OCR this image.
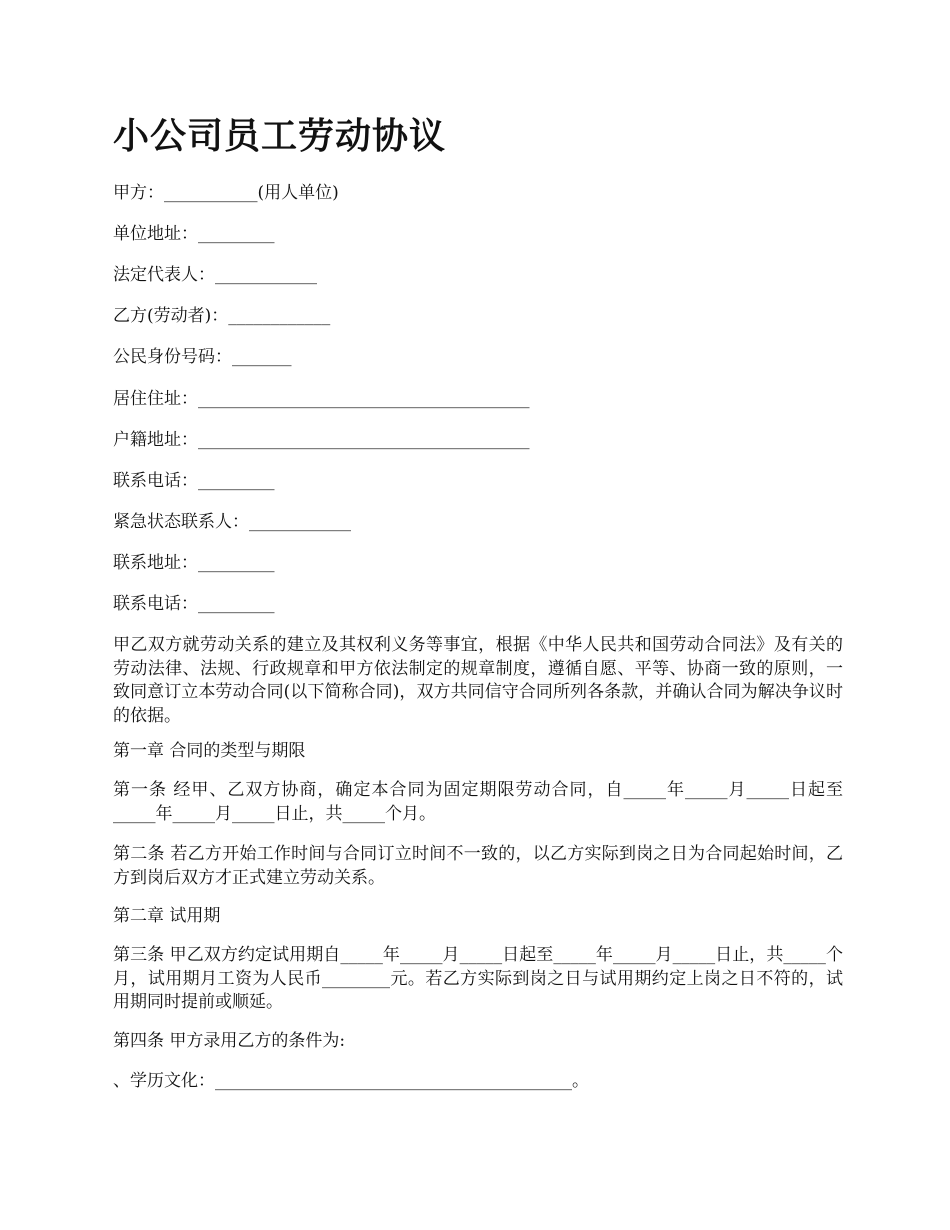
小公司员工劳动协议
甲方：___________(用人单位)
单位地址：_________
法定代表人：____________
乙方(劳动者)：____________
公民身份号码：_______
居住住址：_______________________________________
户籍地址：_______________________________________
联系电话：_________
紧急状态联系人：____________
联系地址：_________
联系电话：_________
甲乙双方就劳动关系的建立及其权利义务等事宜，根据《中华人民共和国劳动合同法》及有关的劳动法律、法规、行政规章和甲方依法制定的规章制度，遵循自愿、平等、协商一致的原则，一致同意订立本劳动合同(以下简称合同)，双方共同信守合同所列各条款，并确认合同为解决争议时的依据。
第一章 合同的类型与期限
第一条 经甲、乙双方协商，确定本合同为固定期限劳动合同，自_____年_____月_____日起至_____年_____月_____日止，共_____个月。
第二条 若乙方开始工作时间与合同订立时间不一致的，以乙方实际到岗之日为合同起始时间，乙方到岗后双方才正式建立劳动关系。
第二章 试用期
第三条 甲乙双方约定试用期自_____年_____月_____日起至_____年_____月_____日止，共_____个月，试用期月工资为人民币________元。若乙方实际到岗之日与试用期约定上岗之日不符的，试用期同时提前或顺延。
第四条 甲方录用乙方的条件为:
、学历文化：__________________________________________。
